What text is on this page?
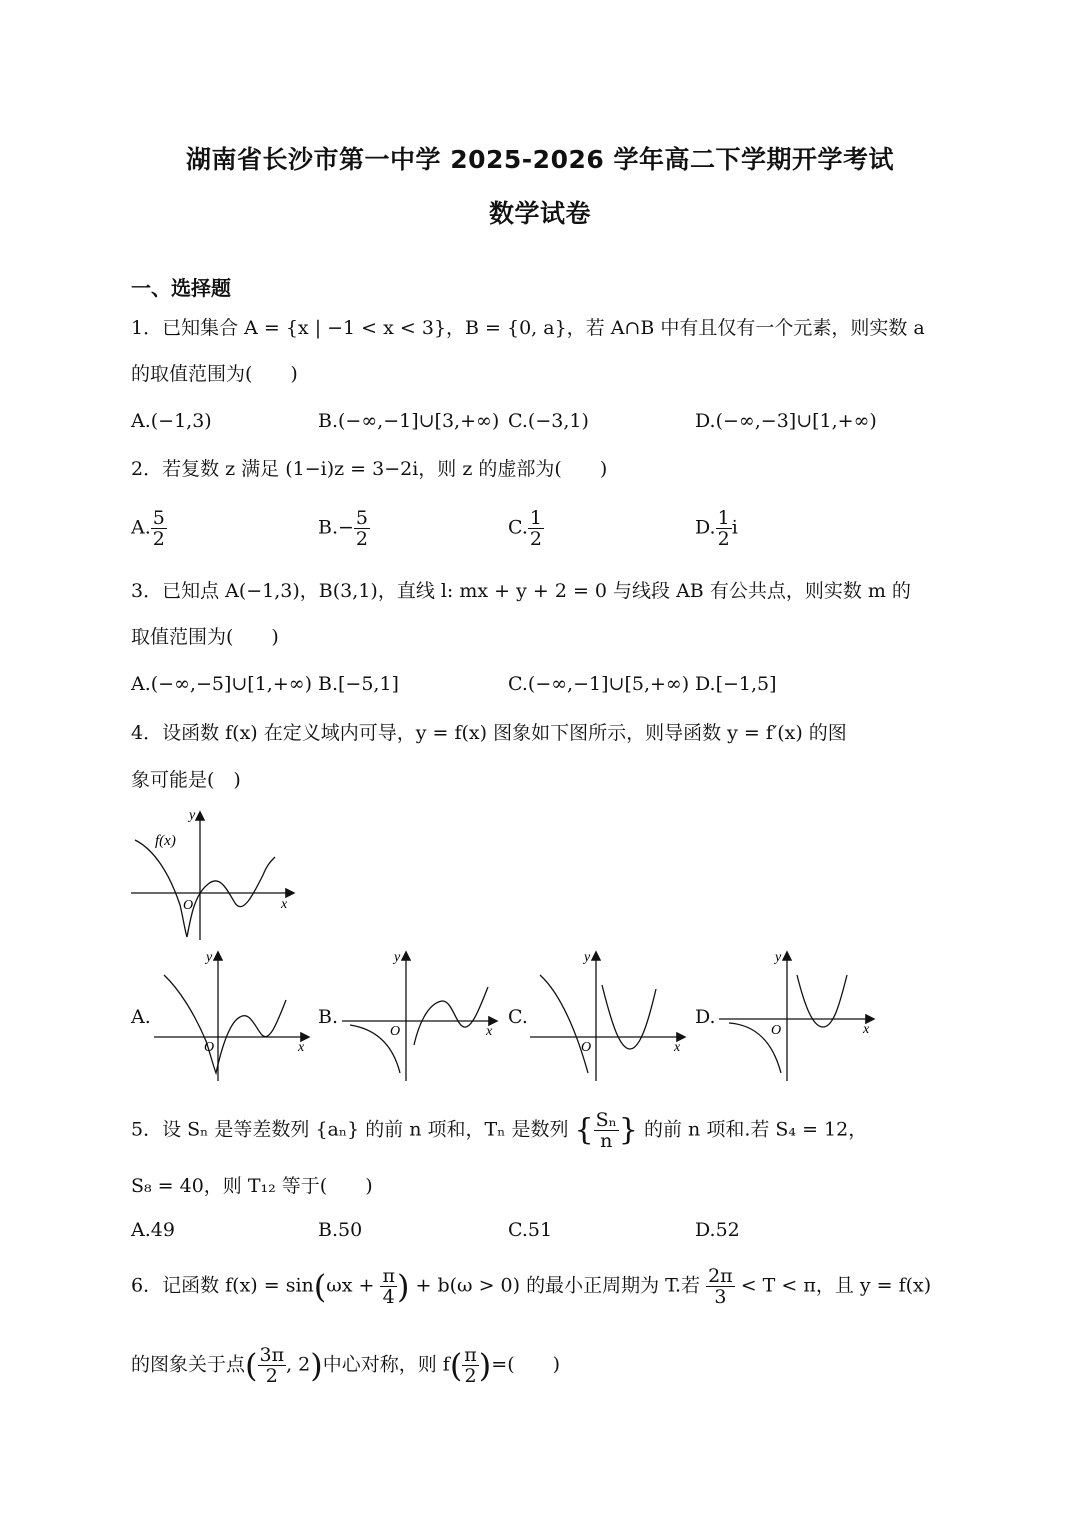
湖南省长沙市第一中学 2025-2026 学年高二下学期开学考试
数学试卷
一、选择题
1．已知集合 A = {x | −1 < x < 3}，B = {0, a}，若 A∩B 中有且仅有一个元素，则实数 a
的取值范围为(　　)
A.(−1,3)	B.(−∞,−1]∪[3,+∞) C.(−3,1)	D.(−∞,−3]∪[1,+∞)
2．若复数 z 满足 (1−i)z = 3−2i，则 z 的虚部为(　　)
A. $\frac{5}{2}$	$B.- \frac{5}{2}$	C. $\frac{1}{2}$	D. $\frac{1}{2}$ i
3．已知点 A(−1,3)，B(3,1)，直线 l: mx + y + 2 = 0 与线段 AB 有公共点，则实数 m 的
取值范围为(　　)
A.(−∞,−5]∪[1,+∞) B.[−5,1]	C.(−∞,−1]∪[5,+∞) D.[−1,5]
4．设函数 f(x) 在定义域内可导，y = f(x) 图象如下图所示，则导函数 y = f′(x) 的图
象可能是(　)
y
x
O
f(x)
A.
y
x
O
B.
y
x
O
C.
y
x
O
D.
y
x
O
5．设 Sₙ 是等差数列 {aₙ} 的前 n 项和，Tₙ 是数列 { $\frac{\text{Sₙ}}{n}$ } 的前 n 项和.若 S₄ = 12，
S₈ = 40，则 T₁₂ 等于(　　)
A.49	B.50	C.51	D.52
6．记函数 $f(x) = \sin(\omega x + \frac{\pi}{4}$ ) + b(ω > 0) 的最小正周期为 T.若 $\frac{2\pi}{3} < T < \pi$，且 y = f(x)
的图象关于点( $\frac{3\pi}{2}$ , 2)中心对称，则 $f( \frac{\pi}{2}$ )=(　　)
